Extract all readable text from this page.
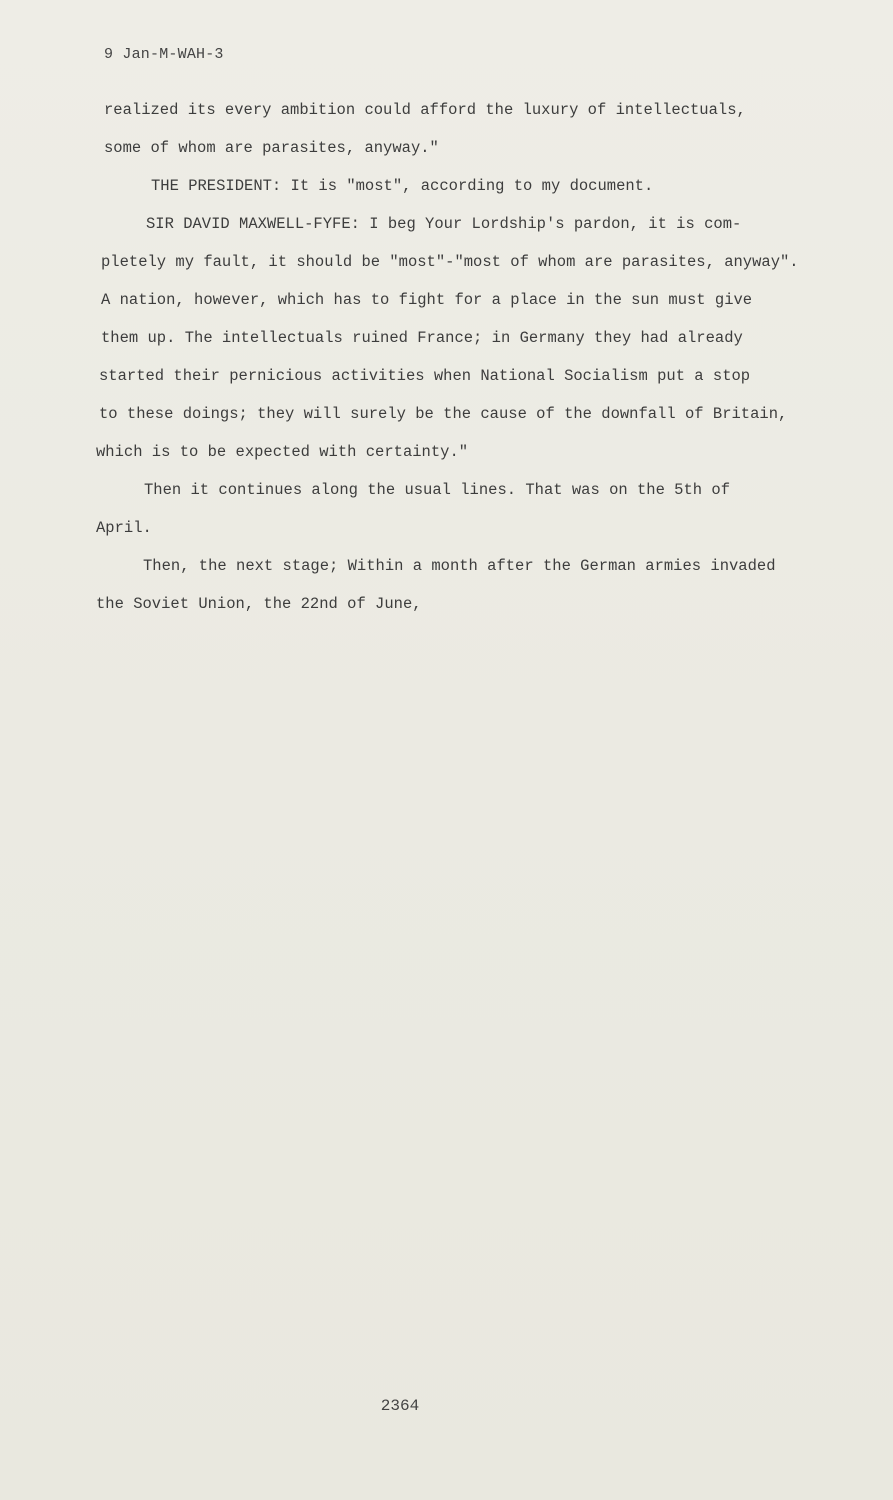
9 Jan-M-WAH-3
realized its every ambition could afford the luxury of intellectuals,
some of whom are parasites, anyway."
THE PRESIDENT: It is "most", according to my document.
SIR DAVID MAXWELL-FYFE: I beg Your Lordship's pardon, it is com-
pletely my fault, it should be "most"-"most of whom are parasites, anyway".
A nation, however, which has to fight for a place in the sun must give
them up. The intellectuals ruined France; in Germany they had already
started their pernicious activities when National Socialism put a stop
to these doings; they will surely be the cause of the downfall of Britain,
which is to be expected with certainty."
Then it continues along the usual lines. That was on the 5th of
April.
Then, the next stage; Within a month after the German armies invaded
the Soviet Union, the 22nd of June,
2364
